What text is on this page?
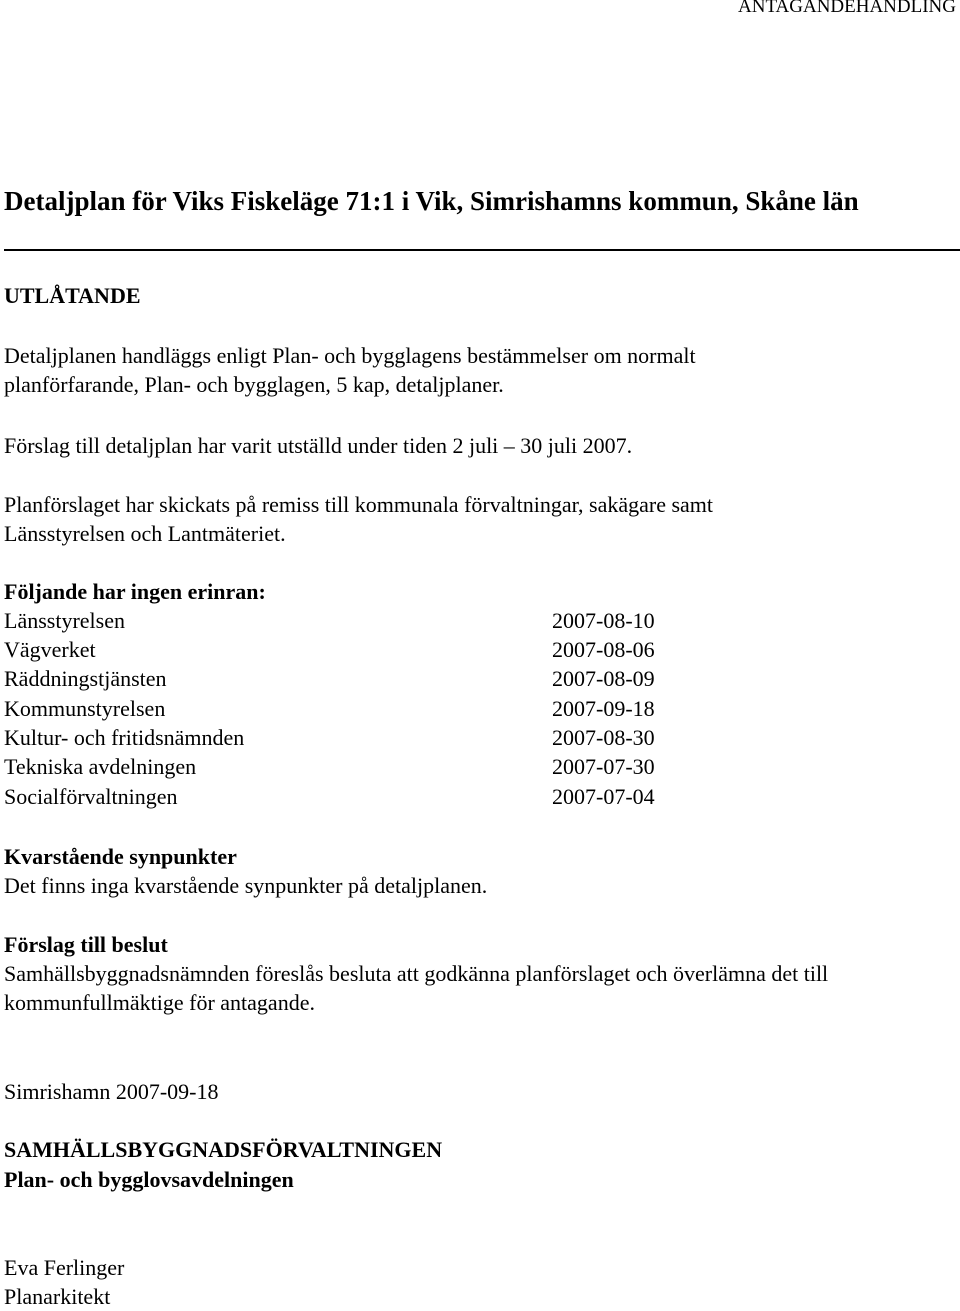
ANTAGANDEHANDLING
Detaljplan för Viks Fiskeläge 71:1 i Vik, Simrishamns kommun, Skåne län
UTLÅTANDE
Detaljplanen handläggs enligt Plan- och bygglagens bestämmelser om normalt
planförfarande, Plan- och bygglagen, 5 kap, detaljplaner.
Förslag till detaljplan har varit utställd under tiden 2 juli – 30 juli 2007.
Planförslaget har skickats på remiss till kommunala förvaltningar, sakägare samt
Länsstyrelsen och Lantmäteriet.
Följande har ingen erinran:
Länsstyrelsen	2007-08-10
Vägverket	2007-08-06
Räddningstjänsten	2007-08-09
Kommunstyrelsen	2007-09-18
Kultur- och fritidsnämnden	2007-08-30
Tekniska avdelningen	2007-07-30
Socialförvaltningen	2007-07-04
Kvarstående synpunkter
Det finns inga kvarstående synpunkter på detaljplanen.
Förslag till beslut
Samhällsbyggnadsnämnden föreslås besluta att godkänna planförslaget och överlämna det till
kommunfullmäktige för antagande.
Simrishamn 2007-09-18
SAMHÄLLSBYGGNADSFÖRVALTNINGEN
Plan- och bygglovsavdelningen
Eva Ferlinger
Planarkitekt
